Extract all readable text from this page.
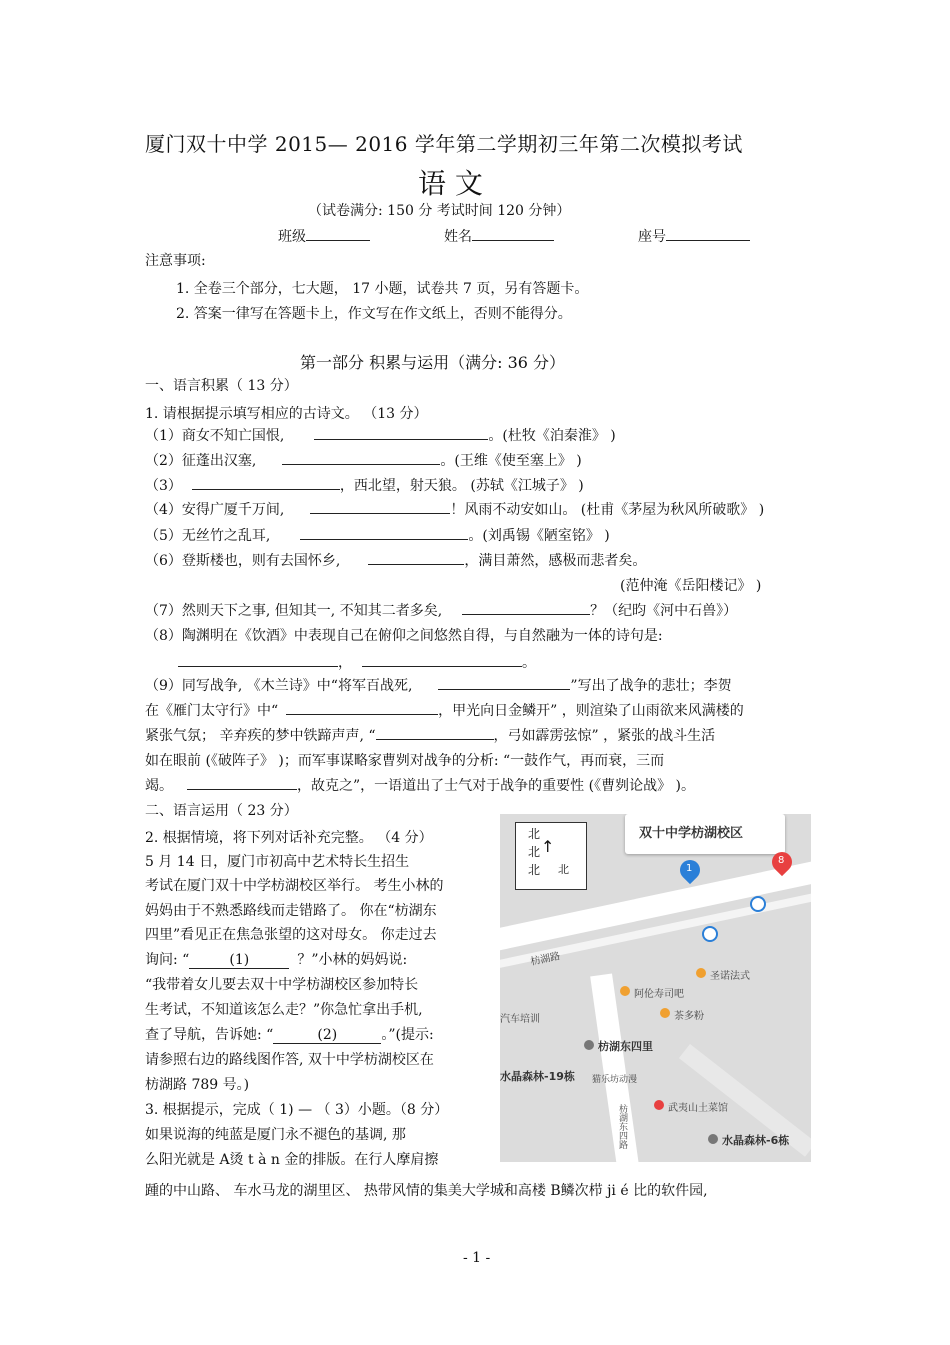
厦门双十中学 2015— 2016 学年第二学期初三年第二次模拟考试
语 文
（试卷满分: 150 分 考试时间 120 分钟）
班级	姓名	座号
注意事项:
1. 全卷三个部分，七大题， 17 小题，试卷共 7 页，另有答题卡。
2. 答案一律写在答题卡上，作文写在作文纸上，否则不能得分。
第一部分 积累与运用（满分: 36 分）
一、语言积累（ 13 分）
1. 请根据提示填写相应的古诗文。 （13 分）
（1）商女不知亡国恨,	。(杜牧《泊秦淮》 )
（2）征蓬出汉塞,	。(王维《使至塞上》 )
（3）	，西北望，射天狼。 (苏轼《江城子》 )
（4）安得广厦千万间,	！风雨不动安如山。 (杜甫《茅屋为秋风所破歌》 )
（5）无丝竹之乱耳,	。(刘禹锡《陋室铭》 )
（6）登斯楼也，则有去国怀乡,	，满目萧然，感极而悲者矣。
(范仲淹《岳阳楼记》 )
（7）然则天下之事, 但知其一, 不知其二者多矣,	？（纪昀《河中石兽》）
（8）陶渊明在《饮酒》中表现自己在俯仰之间悠然自得，与自然融为一体的诗句是:
，	。
（9）同写战争, 《木兰诗》中“将军百战死,	”写出了战争的悲壮；李贺
在《雁门太守行》中“	，甲光向日金鳞开” ，则渲染了山雨欲来风满楼的
紧张气氛； 辛弃疾的梦中铁蹄声声, “	，弓如霹雳弦惊” ，紧张的战斗生活
如在眼前 (《破阵子》 )；而军事谋略家曹刿对战争的分析: “一鼓作气，再而衰，三而
竭。	，故克之”，一语道出了士气对于战争的重要性 (《曹刿论战》 )。
二、语言运用（ 23 分）
2. 根据情境，将下列对话补充完整。 （4 分）
5 月 14 日，厦门市初高中艺术特长生招生
考试在厦门双十中学枋湖校区举行。 考生小林的
妈妈由于不熟悉路线而走错路了。 你在“枋湖东
四里”看见正在焦急张望的这对母女。 你走过去
询问: “	(1)	？”小林的妈妈说:
“我带着女儿要去双十中学枋湖校区参加特长
生考试，不知道该怎么走？”你急忙拿出手机,
查了导航，告诉她: “	(2)	。”(提示:
请参照右边的路线图作答, 双十中学枋湖校区在
枋湖路 789 号。)
3. 根据提示，完成（ 1) — （ 3）小题。（8 分）
如果说海的纯蓝是厦门永不褪色的基调, 那
么阳光就是 A烫 t à n 金的排版。在行人摩肩擦
踵的中山路、 车水马龙的湖里区、 热带风情的集美大学城和高楼 B鳞次栉 ji é 比的软件园,
北
北
北 北
↑
双十中学枋湖校区
1
8
枋湖路
圣诺法式
阿伦寿司吧
茶多粉
枋湖东四里
汽车培训
水晶森林-19栋 猫乐坊动漫
武夷山土菜馆
水晶森林-6栋
枋湖东四路
- 1 -
